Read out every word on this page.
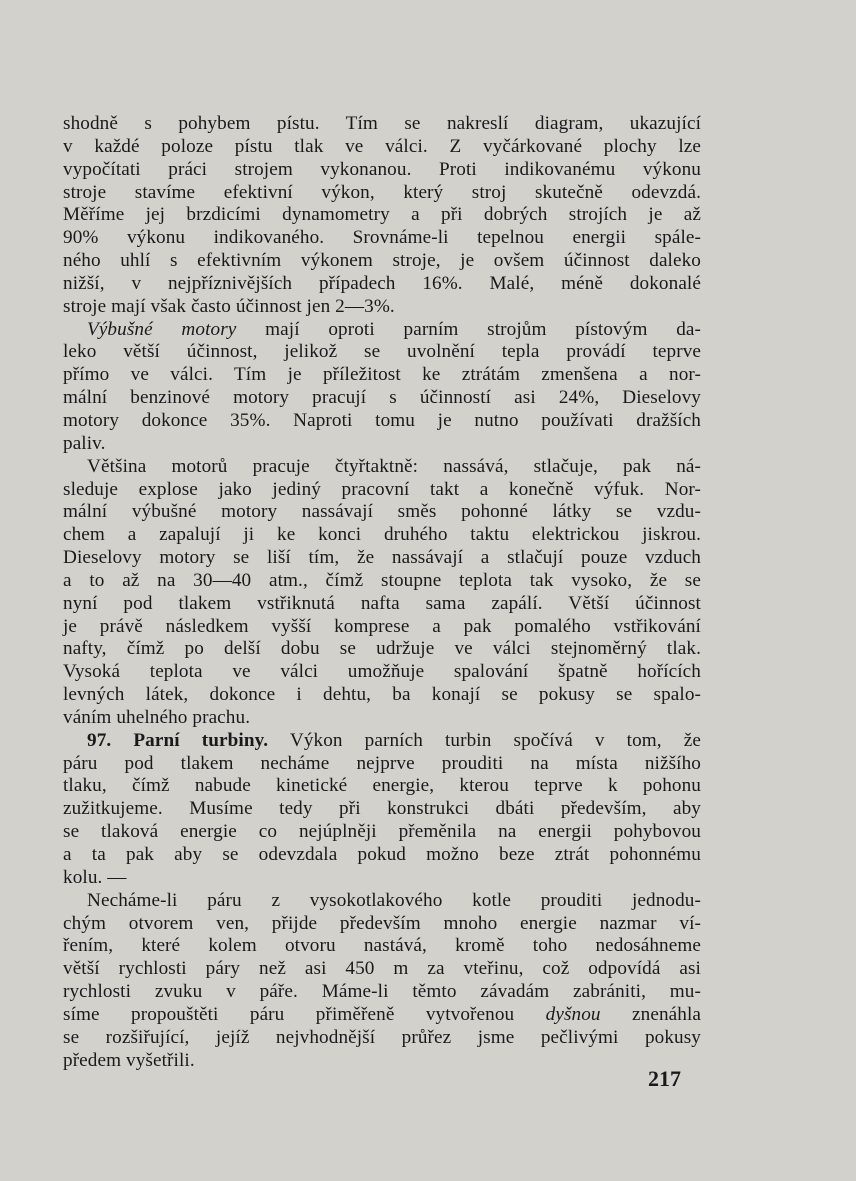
shodně s pohybem pístu. Tím se nakreslí diagram, ukazující
v každé poloze pístu tlak ve válci. Z vyčárkované plochy lze
vypočítati práci strojem vykonanou. Proti indikovanému výkonu
stroje stavíme efektivní výkon, který stroj skutečně odevzdá.
Měříme jej brzdicími dynamometry a při dobrých strojích je až
90% výkonu indikovaného. Srovnáme-li tepelnou energii spále-
ného uhlí s efektivním výkonem stroje, je ovšem účinnost daleko
nižší, v nejpříznivějších případech 16%. Malé, méně dokonalé
stroje mají však často účinnost jen 2—3%.
Výbušné motory mají oproti parním strojům pístovým da-
leko větší účinnost, jelikož se uvolnění tepla provádí teprve
přímo ve válci. Tím je příležitost ke ztrátám zmenšena a nor-
mální benzinové motory pracují s účinností asi 24%, Dieselovy
motory dokonce 35%. Naproti tomu je nutno používati dražších
paliv.
Většina motorů pracuje čtyřtaktně: nassává, stlačuje, pak ná-
sleduje explose jako jediný pracovní takt a konečně výfuk. Nor-
mální výbušné motory nassávají směs pohonné látky se vzdu-
chem a zapalují ji ke konci druhého taktu elektrickou jiskrou.
Dieselovy motory se liší tím, že nassávají a stlačují pouze vzduch
a to až na 30—40 atm., čímž stoupne teplota tak vysoko, že se
nyní pod tlakem vstřiknutá nafta sama zapálí. Větší účinnost
je právě následkem vyšší komprese a pak pomalého vstřikování
nafty, čímž po delší dobu se udržuje ve válci stejnoměrný tlak.
Vysoká teplota ve válci umožňuje spalování špatně hořících
levných látek, dokonce i dehtu, ba konají se pokusy se spalo-
váním uhelného prachu.
97. Parní turbiny. Výkon parních turbin spočívá v tom, že
páru pod tlakem necháme nejprve prouditi na místa nižšího
tlaku, čímž nabude kinetické energie, kterou teprve k pohonu
zužitkujeme. Musíme tedy při konstrukci dbáti především, aby
se tlaková energie co nejúplněji přeměnila na energii pohybovou
a ta pak aby se odevzdala pokud možno beze ztrát pohonnému
kolu. —
Necháme-li páru z vysokotlakového kotle prouditi jednodu-
chým otvorem ven, přijde především mnoho energie nazmar ví-
řením, které kolem otvoru nastává, kromě toho nedosáhneme
větší rychlosti páry než asi 450 m za vteřinu, což odpovídá asi
rychlosti zvuku v páře. Máme-li těmto závadám zabrániti, mu-
síme propouštěti páru přiměřeně vytvořenou dyšnou znenáhla
se rozšiřující, jejíž nejvhodnější průřez jsme pečlivými pokusy
předem vyšetřili.
217
